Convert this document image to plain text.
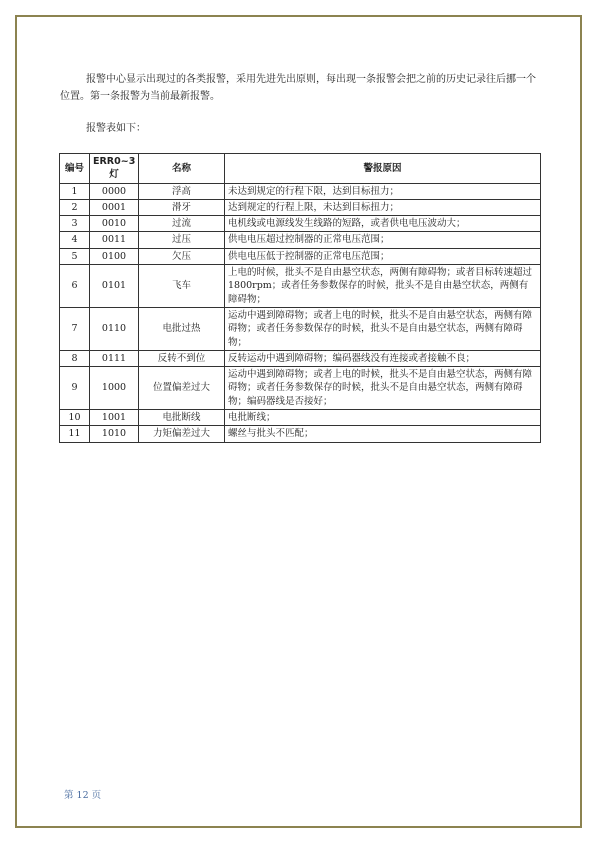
报警中心显示出现过的各类报警，采用先进先出原则，每出现一条报警会把之前的历史记录往后挪一个位置。第一条报警为当前最新报警。

报警表如下：

编号	ERR0~3灯	名称	警报原因
1	0000	浮高	未达到规定的行程下限，达到目标扭力；
2	0001	滑牙	达到规定的行程上限，未达到目标扭力；
3	0010	过流	电机线或电源线发生线路的短路，或者供电电压波动大；
4	0011	过压	供电电压超过控制器的正常电压范围；
5	0100	欠压	供电电压低于控制器的正常电压范围；
6	0101	飞车	上电的时候，批头不是自由悬空状态，两侧有障碍物；或者目标转速超过 1800rpm；或者任务参数保存的时候，批头不是自由悬空状态，两侧有障碍物；
7	0110	电批过热	运动中遇到障碍物；或者上电的时候，批头不是自由悬空状态，两侧有障碍物；或者任务参数保存的时候，批头不是自由悬空状态，两侧有障碍物；
8	0111	反转不到位	反转运动中遇到障碍物；编码器线没有连接或者接触不良；
9	1000	位置偏差过大	运动中遇到障碍物；或者上电的时候，批头不是自由悬空状态，两侧有障碍物；或者任务参数保存的时候，批头不是自由悬空状态，两侧有障碍物；编码器线是否接好；
10	1001	电批断线	电批断线；
11	1010	力矩偏差过大	螺丝与批头不匹配；
第 12 页
